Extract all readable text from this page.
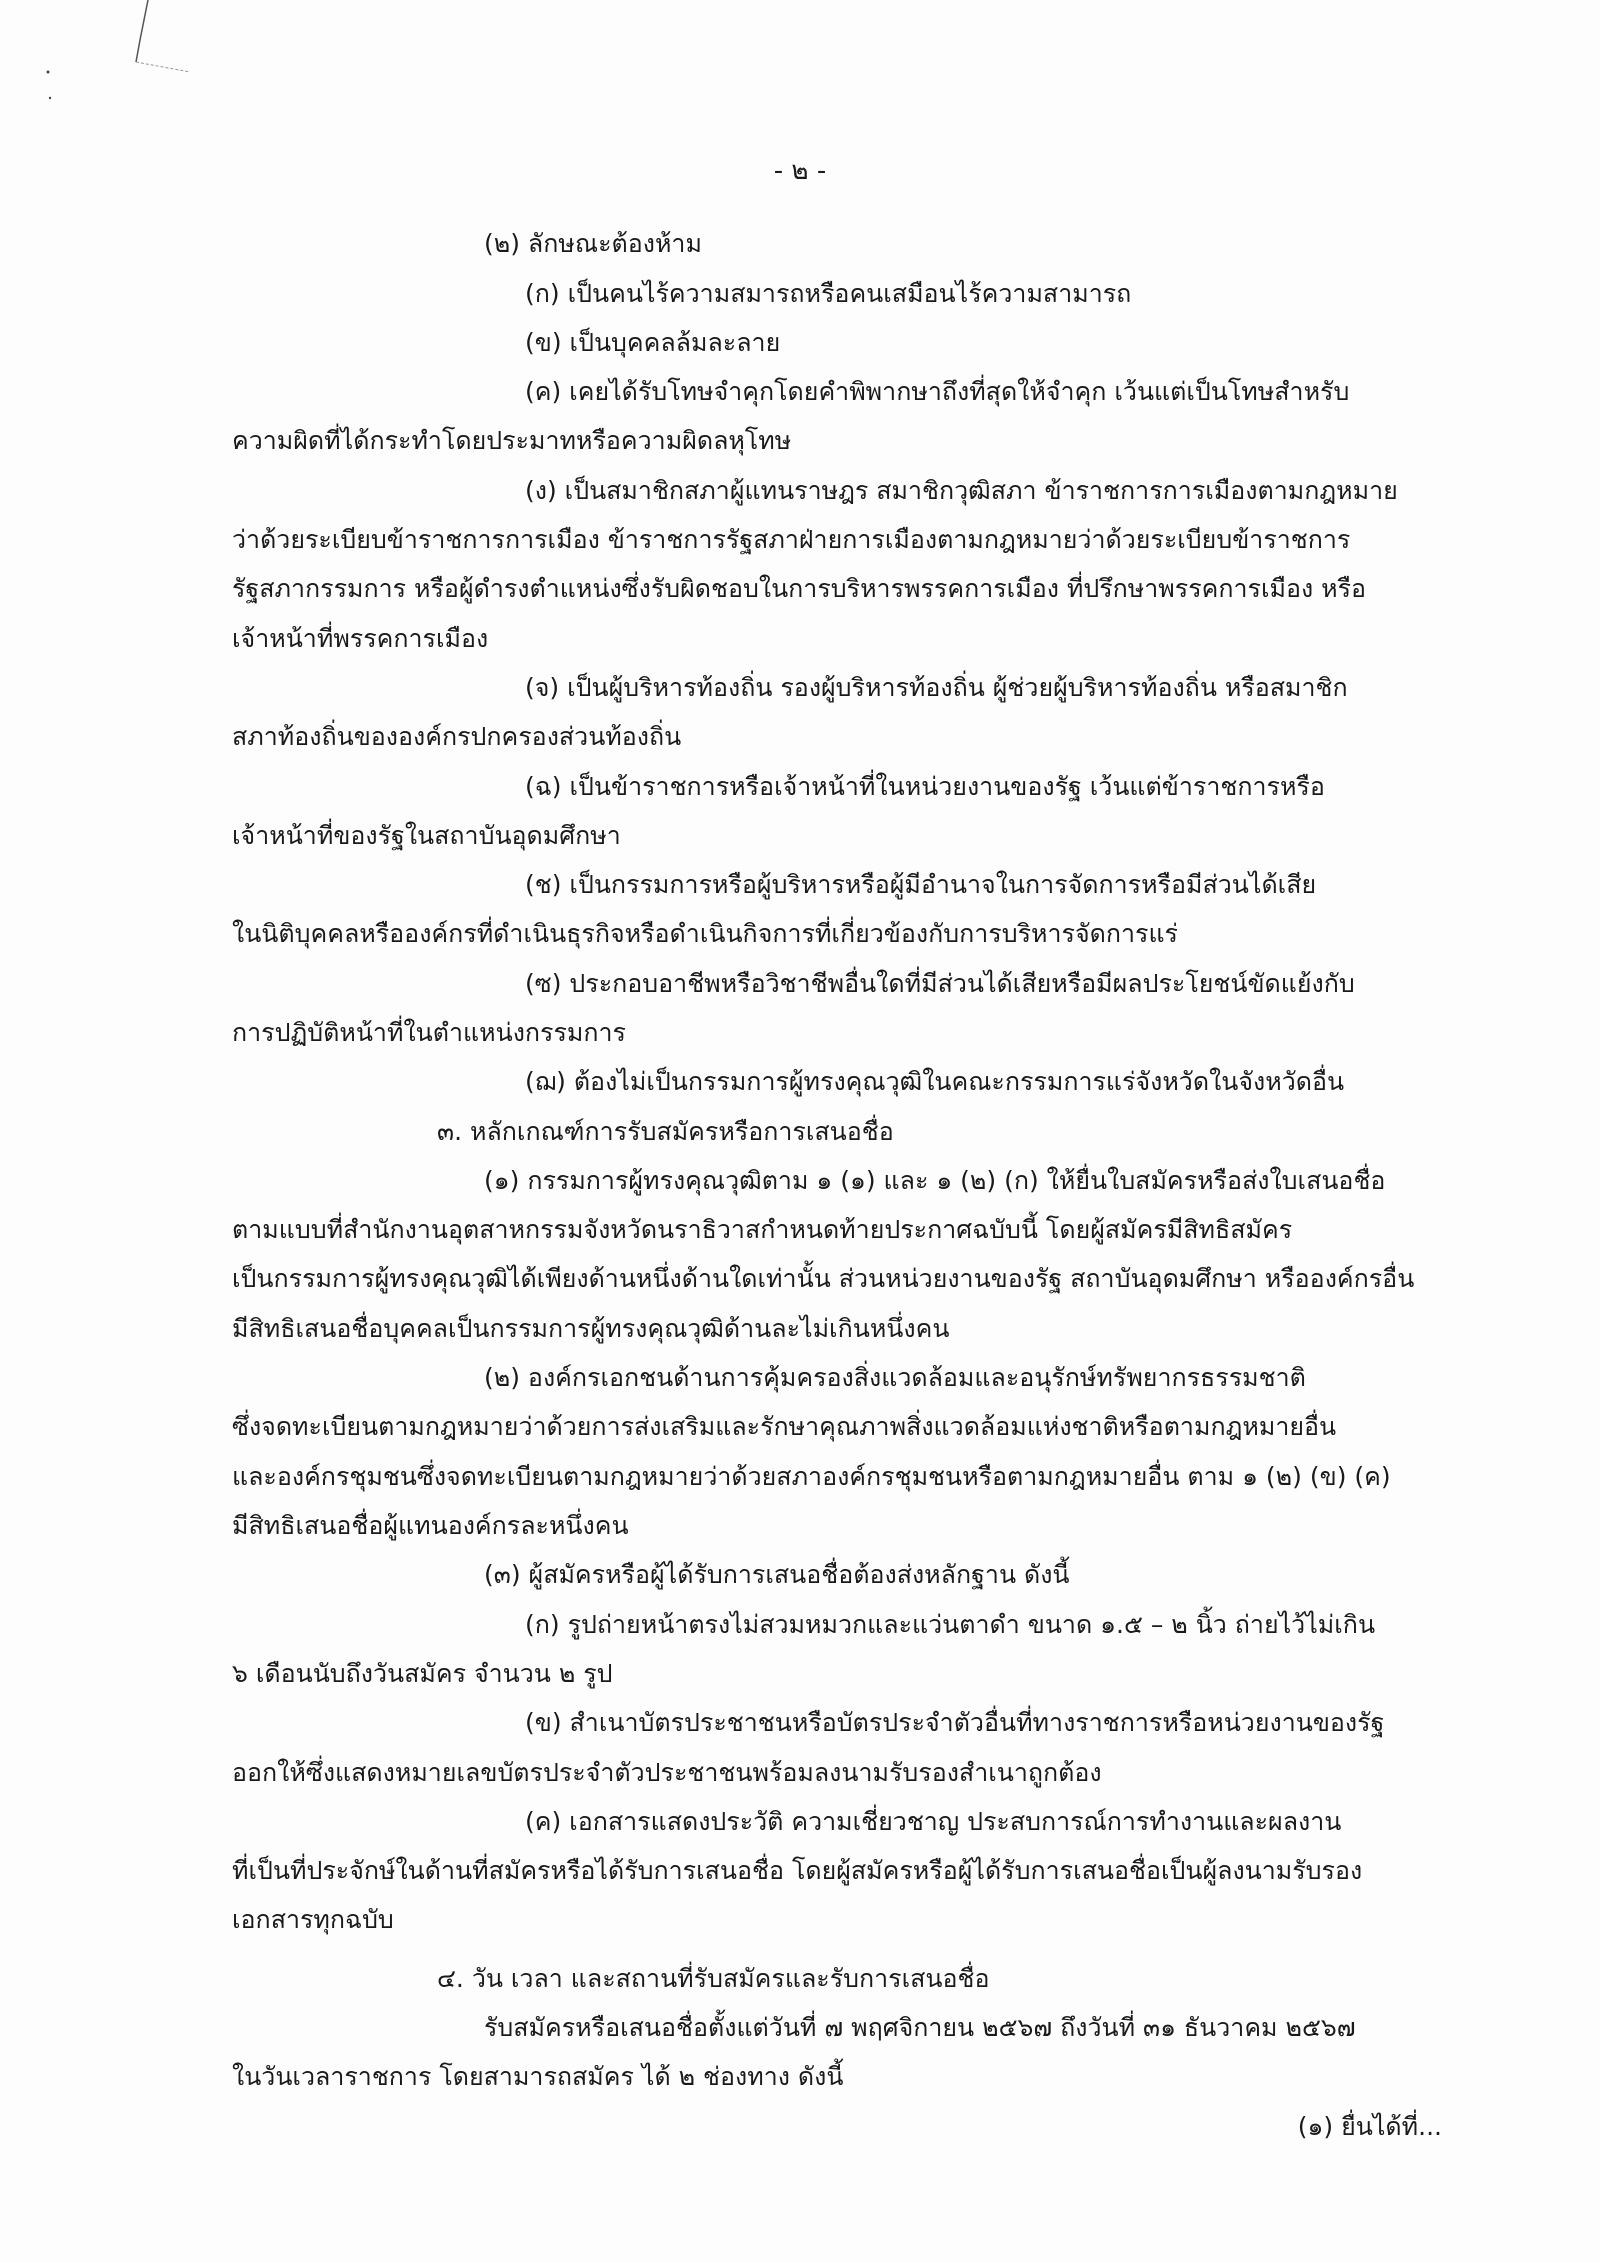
- ๒ -

(๒) ลักษณะต้องห้าม

(ก) เป็นคนไร้ความสมารถหรือคนเสมือนไร้ความสามารถ

(ข) เป็นบุคคลล้มละลาย

(ค) เคยได้รับโทษจำคุกโดยคำพิพากษาถึงที่สุดให้จำคุก เว้นแต่เป็นโทษสำหรับ

ความผิดที่ได้กระทำโดยประมาทหรือความผิดลหุโทษ

(ง) เป็นสมาชิกสภาผู้แทนราษฎร สมาชิกวุฒิสภา ข้าราชการการเมืองตามกฎหมาย

ว่าด้วยระเบียบข้าราชการการเมือง ข้าราชการรัฐสภาฝ่ายการเมืองตามกฎหมายว่าด้วยระเบียบข้าราชการ

รัฐสภากรรมการ หรือผู้ดำรงตำแหน่งซึ่งรับผิดชอบในการบริหารพรรคการเมือง ที่ปรึกษาพรรคการเมือง หรือ

เจ้าหน้าที่พรรคการเมือง

(จ) เป็นผู้บริหารท้องถิ่น รองผู้บริหารท้องถิ่น ผู้ช่วยผู้บริหารท้องถิ่น หรือสมาชิก

สภาท้องถิ่นขององค์กรปกครองส่วนท้องถิ่น

(ฉ) เป็นข้าราชการหรือเจ้าหน้าที่ในหน่วยงานของรัฐ เว้นแต่ข้าราชการหรือ

เจ้าหน้าที่ของรัฐในสถาบันอุดมศึกษา

(ช) เป็นกรรมการหรือผู้บริหารหรือผู้มีอำนาจในการจัดการหรือมีส่วนได้เสีย

ในนิติบุคคลหรือองค์กรที่ดำเนินธุรกิจหรือดำเนินกิจการที่เกี่ยวข้องกับการบริหารจัดการแร่

(ซ) ประกอบอาชีพหรือวิชาชีพอื่นใดที่มีส่วนได้เสียหรือมีผลประโยชน์ขัดแย้งกับ

การปฏิบัติหน้าที่ในตำแหน่งกรรมการ

(ฌ) ต้องไม่เป็นกรรมการผู้ทรงคุณวุฒิในคณะกรรมการแร่จังหวัดในจังหวัดอื่น

๓. หลักเกณฑ์การรับสมัครหรือการเสนอชื่อ

(๑) กรรมการผู้ทรงคุณวุฒิตาม ๑ (๑) และ ๑ (๒) (ก) ให้ยื่นใบสมัครหรือส่งใบเสนอชื่อ

ตามแบบที่สำนักงานอุตสาหกรรมจังหวัดนราธิวาสกำหนดท้ายประกาศฉบับนี้ โดยผู้สมัครมีสิทธิสมัคร

เป็นกรรมการผู้ทรงคุณวุฒิได้เพียงด้านหนึ่งด้านใดเท่านั้น ส่วนหน่วยงานของรัฐ สถาบันอุดมศึกษา หรือองค์กรอื่น

มีสิทธิเสนอชื่อบุคคลเป็นกรรมการผู้ทรงคุณวุฒิด้านละไม่เกินหนึ่งคน

(๒) องค์กรเอกชนด้านการคุ้มครองสิ่งแวดล้อมและอนุรักษ์ทรัพยากรธรรมชาติ

ซึ่งจดทะเบียนตามกฎหมายว่าด้วยการส่งเสริมและรักษาคุณภาพสิ่งแวดล้อมแห่งชาติหรือตามกฎหมายอื่น

และองค์กรชุมชนซึ่งจดทะเบียนตามกฎหมายว่าด้วยสภาองค์กรชุมชนหรือตามกฎหมายอื่น ตาม ๑ (๒) (ข) (ค)

มีสิทธิเสนอชื่อผู้แทนองค์กรละหนึ่งคน

(๓) ผู้สมัครหรือผู้ได้รับการเสนอชื่อต้องส่งหลักฐาน ดังนี้

(ก) รูปถ่ายหน้าตรงไม่สวมหมวกและแว่นตาดำ ขนาด ๑.๕ – ๒ นิ้ว ถ่ายไว้ไม่เกิน

๖ เดือนนับถึงวันสมัคร จำนวน ๒ รูป

(ข) สำเนาบัตรประชาชนหรือบัตรประจำตัวอื่นที่ทางราชการหรือหน่วยงานของรัฐ

ออกให้ซึ่งแสดงหมายเลขบัตรประจำตัวประชาชนพร้อมลงนามรับรองสำเนาถูกต้อง

(ค) เอกสารแสดงประวัติ ความเชี่ยวชาญ ประสบการณ์การทำงานและผลงาน

ที่เป็นที่ประจักษ์ในด้านที่สมัครหรือได้รับการเสนอชื่อ โดยผู้สมัครหรือผู้ได้รับการเสนอชื่อเป็นผู้ลงนามรับรอง

เอกสารทุกฉบับ

๔. วัน เวลา และสถานที่รับสมัครและรับการเสนอชื่อ

รับสมัครหรือเสนอชื่อตั้งแต่วันที่ ๗ พฤศจิกายน ๒๕๖๗ ถึงวันที่ ๓๑ ธันวาคม ๒๕๖๗

ในวันเวลาราชการ โดยสามารถสมัคร ได้ ๒ ช่องทาง ดังนี้

(๑) ยื่นได้ที่...
